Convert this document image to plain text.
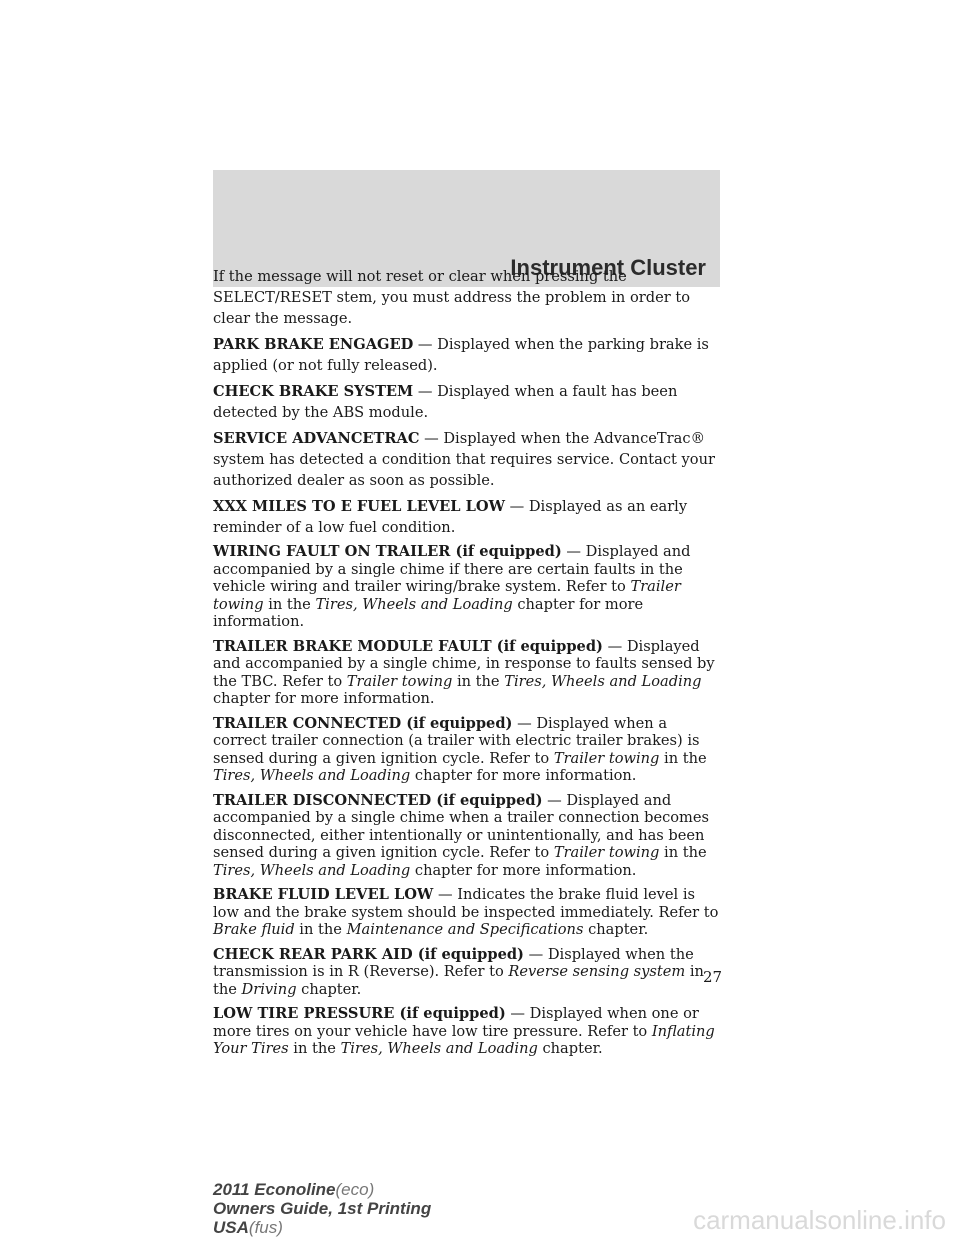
Instrument Cluster

If the message will not reset or clear when pressing the SELECT/RESET stem, you must address the problem in order to clear the message.

PARK BRAKE ENGAGED — Displayed when the parking brake is applied (or not fully released).

CHECK BRAKE SYSTEM — Displayed when a fault has been detected by the ABS module.

SERVICE ADVANCETRAC — Displayed when the AdvanceTrac® system has detected a condition that requires service. Contact your authorized dealer as soon as possible.

XXX MILES TO E FUEL LEVEL LOW — Displayed as an early reminder of a low fuel condition.

WIRING FAULT ON TRAILER (if equipped) — Displayed and accompanied by a single chime if there are certain faults in the vehicle wiring and trailer wiring/brake system. Refer to Trailer towing in the Tires, Wheels and Loading chapter for more information.

TRAILER BRAKE MODULE FAULT (if equipped) — Displayed and accompanied by a single chime, in response to faults sensed by the TBC. Refer to Trailer towing in the Tires, Wheels and Loading chapter for more information.

TRAILER CONNECTED (if equipped) — Displayed when a correct trailer connection (a trailer with electric trailer brakes) is sensed during a given ignition cycle. Refer to Trailer towing in the Tires, Wheels and Loading chapter for more information.

TRAILER DISCONNECTED (if equipped) — Displayed and accompanied by a single chime when a trailer connection becomes disconnected, either intentionally or unintentionally, and has been sensed during a given ignition cycle. Refer to Trailer towing in the Tires, Wheels and Loading chapter for more information.

BRAKE FLUID LEVEL LOW — Indicates the brake fluid level is low and the brake system should be inspected immediately. Refer to Brake fluid in the Maintenance and Specifications chapter.

CHECK REAR PARK AID (if equipped) — Displayed when the transmission is in R (Reverse). Refer to Reverse sensing system in the Driving chapter.

LOW TIRE PRESSURE (if equipped) — Displayed when one or more tires on your vehicle have low tire pressure. Refer to Inflating Your Tires in the Tires, Wheels and Loading chapter.

27
2011 Econoline(eco)
Owners Guide, 1st Printing
USA(fus)	carmanualsonline.info
